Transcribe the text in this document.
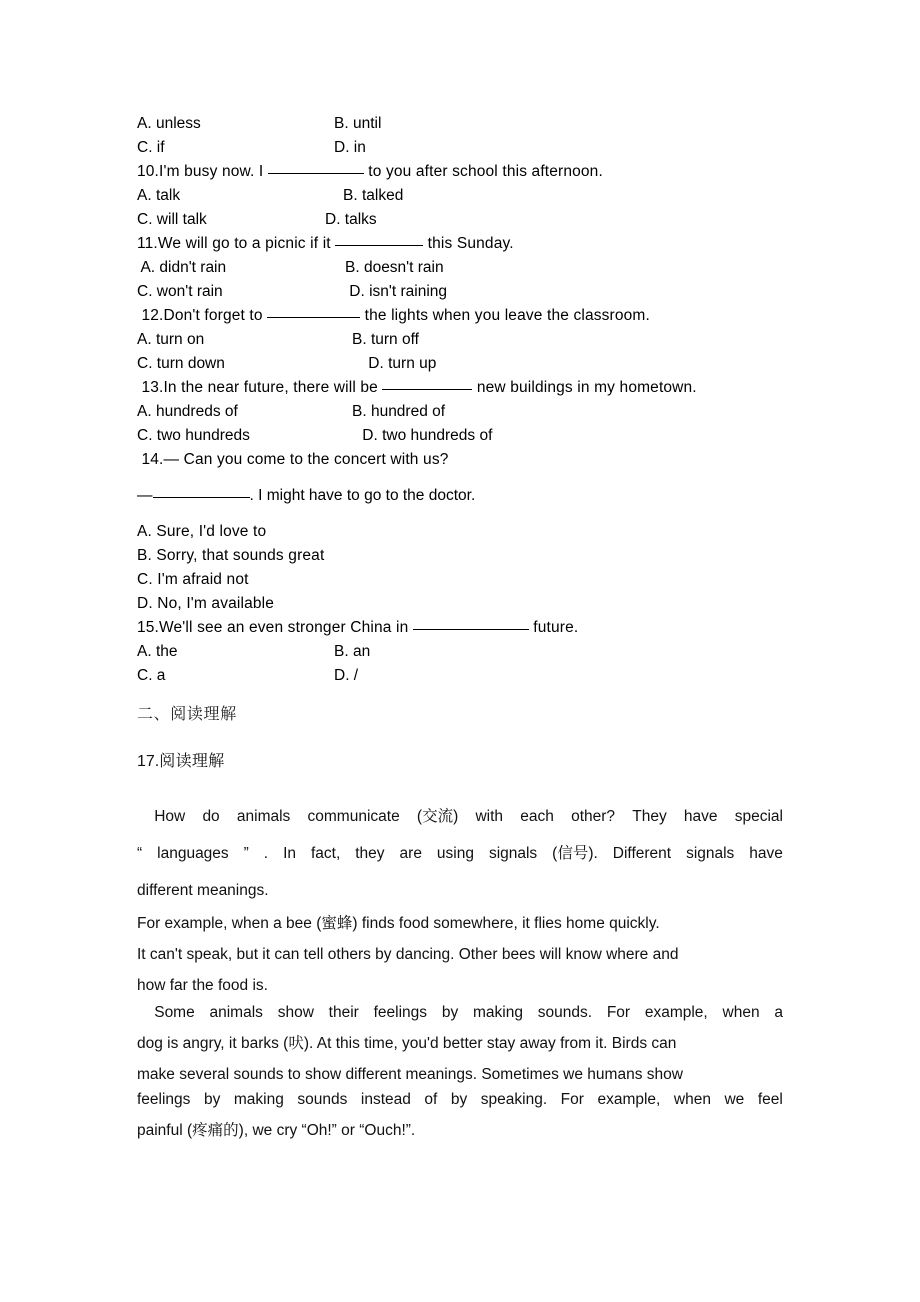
A. unless	B. until
C. if	D. in
10.I'm busy now. I	to you after school this afternoon.
A. talk	B. talked
C. will talk	D. talks
11.We will go to a picnic if it	this Sunday.
A. didn't rain	B. doesn't rain
C. won't rain	D. isn't raining
12.Don't forget to	the lights when you leave the classroom.
A. turn on	B. turn off
C. turn down	D. turn up
13.In the near future, there will be	new buildings in my hometown.
A. hundreds of	B. hundred of
C. two hundreds	D. two hundreds of
14.— Can you come to the concert with us?
—	. I might have to go to the doctor.
A. Sure, I'd love to
B. Sorry, that sounds great
C. I'm afraid not
D. No, I'm available
15.We'll see an even stronger China in	future.
A. the	B. an
C. a	D. /
二、阅读理解
17.阅读理解
How do animals communicate (交流) with each other? They have special
“ languages ” . In fact, they are using signals (信号). Different signals have
different meanings.
For example, when a bee (蜜蜂) finds food somewhere, it flies home quickly.
It can't speak, but it can tell others by dancing. Other bees will know where and
how far the food is.
Some animals show their feelings by making sounds. For example, when a
dog is angry, it barks (吠). At this time, you'd better stay away from it. Birds can
make several sounds to show different meanings. Sometimes we humans show
feelings by making sounds instead of by speaking. For example, when we feel
painful (疼痛的), we cry “Oh!” or “Ouch!”.
